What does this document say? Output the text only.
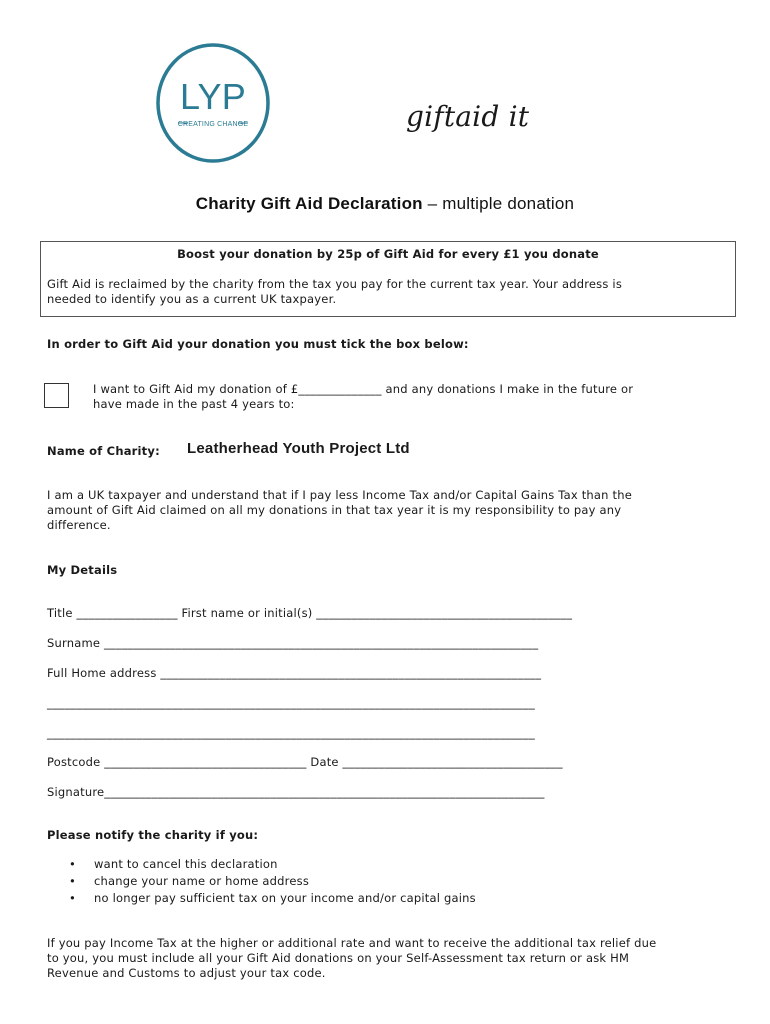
LYP
CREATING CHANGE	giftaid it
Charity Gift Aid Declaration – multiple donation
Boost your donation by 25p of Gift Aid for every £1 you donate
Gift Aid is reclaimed by the charity from the tax you pay for the current tax year. Your address is
needed to identify you as a current UK taxpayer.
In order to Gift Aid your donation you must tick the box below:
I want to Gift Aid my donation of £______________ and any donations I make in the future or
have made in the past 4 years to:
Name of Charity: Leatherhead Youth Project Ltd
I am a UK taxpayer and understand that if I pay less Income Tax and/or Capital Gains Tax than the
amount of Gift Aid claimed on all my donations in that tax year it is my responsibility to pay any
difference.
My Details
Title _________________ First name or initial(s) ___________________________________________
Surname _________________________________________________________________________
Full Home address ________________________________________________________________
__________________________________________________________________________________
__________________________________________________________________________________
Postcode __________________________________ Date _____________________________________
Signature__________________________________________________________________________
Please notify the charity if you:
• want to cancel this declaration
• change your name or home address
• no longer pay sufficient tax on your income and/or capital gains
If you pay Income Tax at the higher or additional rate and want to receive the additional tax relief due
to you, you must include all your Gift Aid donations on your Self-Assessment tax return or ask HM
Revenue and Customs to adjust your tax code.
